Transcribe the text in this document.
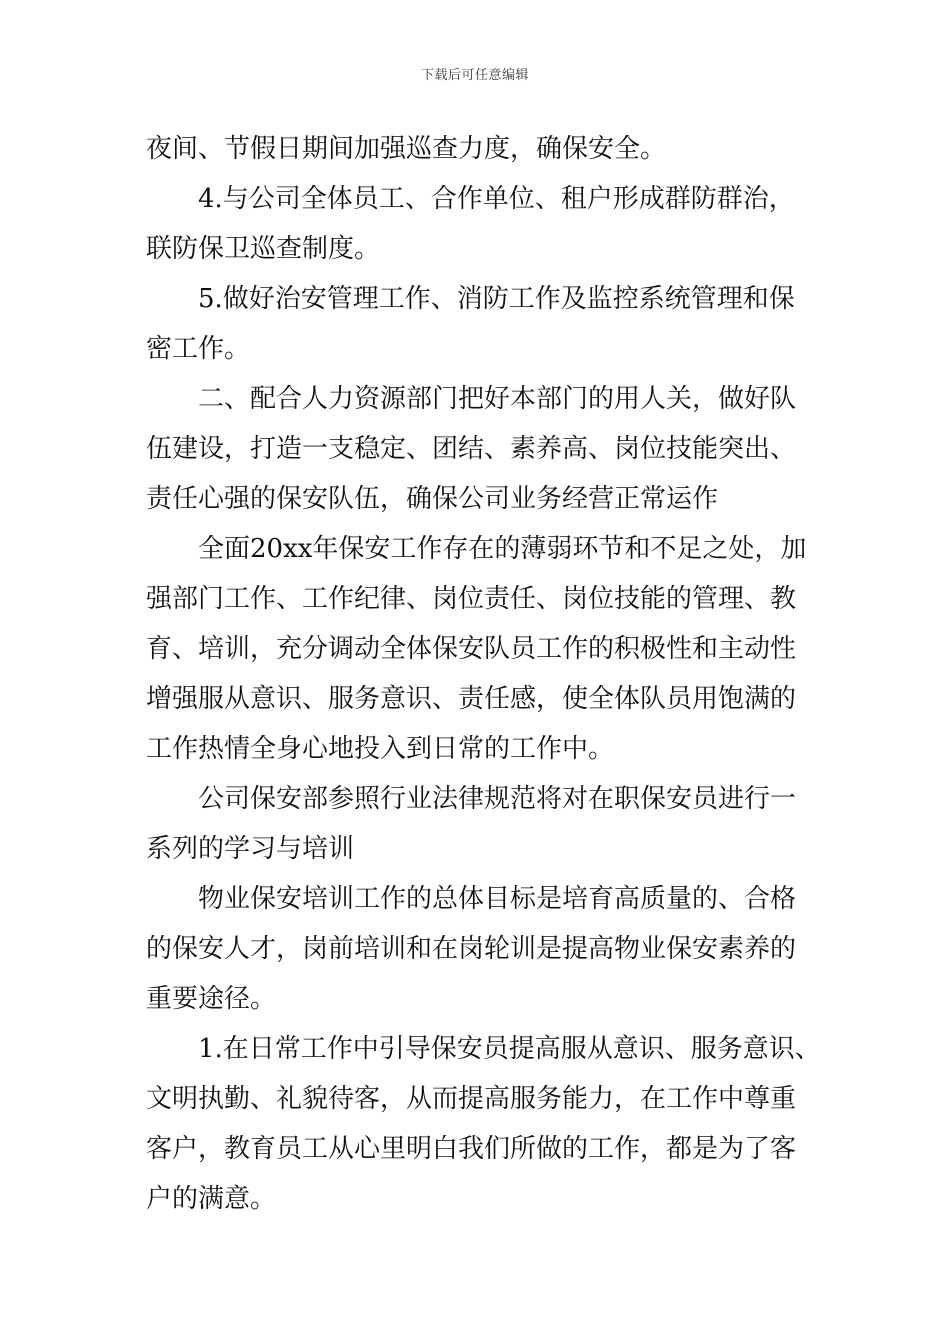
下载后可任意编辑
夜间、节假日期间加强巡查力度，确保安全。
4.与公司全体员工、合作单位、租户形成群防群治，
联防保卫巡查制度。
5.做好治安管理工作、消防工作及监控系统管理和保
密工作。
二、配合人力资源部门把好本部门的用人关，做好队
伍建设，打造一支稳定、团结、素养高、岗位技能突出、
责任心强的保安队伍，确保公司业务经营正常运作
全面20xx年保安工作存在的薄弱环节和不足之处，加
强部门工作、工作纪律、岗位责任、岗位技能的管理、教
育、培训，充分调动全体保安队员工作的积极性和主动性
增强服从意识、服务意识、责任感，使全体队员用饱满的
工作热情全身心地投入到日常的工作中。
公司保安部参照行业法律规范将对在职保安员进行一
系列的学习与培训
物业保安培训工作的总体目标是培育高质量的、合格
的保安人才，岗前培训和在岗轮训是提高物业保安素养的
重要途径。
1.在日常工作中引导保安员提高服从意识、服务意识、
文明执勤、礼貌待客，从而提高服务能力，在工作中尊重
客户，教育员工从心里明白我们所做的工作，都是为了客
户的满意。
